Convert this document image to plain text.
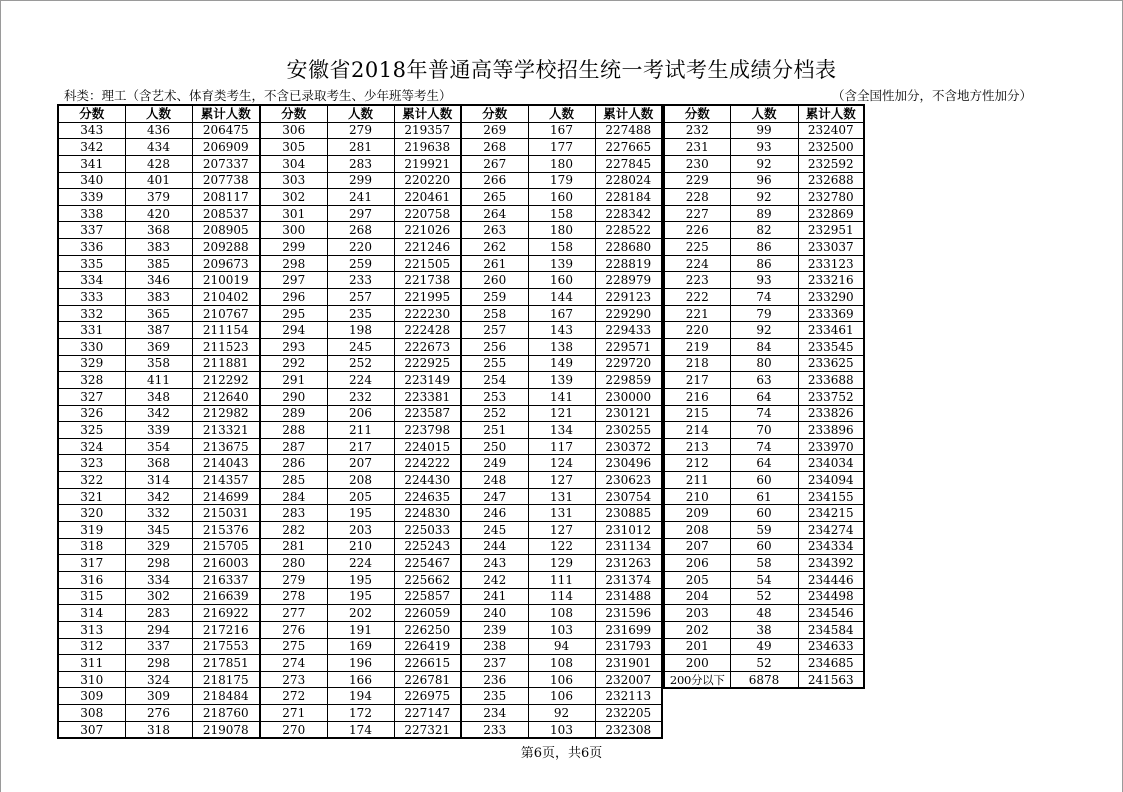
安徽省2018年普通高等学校招生统一考试考生成绩分档表
科类：理工（含艺术、体育类考生，不含已录取考生、少年班等考生）	（含全国性加分，不含地方性加分）
分数	人数	累计人数	分数	人数	累计人数
343	436	206475	306	279	219357
342	434	206909	305	281	219638
341	428	207337	304	283	219921
340	401	207738	303	299	220220
339	379	208117	302	241	220461
338	420	208537	301	297	220758
337	368	208905	300	268	221026
336	383	209288	299	220	221246
335	385	209673	298	259	221505
334	346	210019	297	233	221738
333	383	210402	296	257	221995
332	365	210767	295	235	222230
331	387	211154	294	198	222428
330	369	211523	293	245	222673
329	358	211881	292	252	222925
328	411	212292	291	224	223149
327	348	212640	290	232	223381
326	342	212982	289	206	223587
325	339	213321	288	211	223798
324	354	213675	287	217	224015
323	368	214043	286	207	224222
322	314	214357	285	208	224430
321	342	214699	284	205	224635
320	332	215031	283	195	224830
319	345	215376	282	203	225033
318	329	215705	281	210	225243
317	298	216003	280	224	225467
316	334	216337	279	195	225662
315	302	216639	278	195	225857
314	283	216922	277	202	226059
313	294	217216	276	191	226250
312	337	217553	275	169	226419
311	298	217851	274	196	226615
310	324	218175	273	166	226781
309	309	218484	272	194	226975
308	276	218760	271	172	227147
307	318	219078	270	174	227321
分数	人数	累计人数
269	167	227488
268	177	227665
267	180	227845
266	179	228024
265	160	228184
264	158	228342
263	180	228522
262	158	228680
261	139	228819
260	160	228979
259	144	229123
258	167	229290
257	143	229433
256	138	229571
255	149	229720
254	139	229859
253	141	230000
252	121	230121
251	134	230255
250	117	230372
249	124	230496
248	127	230623
247	131	230754
246	131	230885
245	127	231012
244	122	231134
243	129	231263
242	111	231374
241	114	231488
240	108	231596
239	103	231699
238	94	231793
237	108	231901
236	106	232007
235	106	232113
234	92	232205
233	103	232308
分数	人数	累计人数
232	99	232407
231	93	232500
230	92	232592
229	96	232688
228	92	232780
227	89	232869
226	82	232951
225	86	233037
224	86	233123
223	93	233216
222	74	233290
221	79	233369
220	92	233461
219	84	233545
218	80	233625
217	63	233688
216	64	233752
215	74	233826
214	70	233896
213	74	233970
212	64	234034
211	60	234094
210	61	234155
209	60	234215
208	59	234274
207	60	234334
206	58	234392
205	54	234446
204	52	234498
203	48	234546
202	38	234584
201	49	234633
200	52	234685
200分以下	6878	241563
第6页，共6页
